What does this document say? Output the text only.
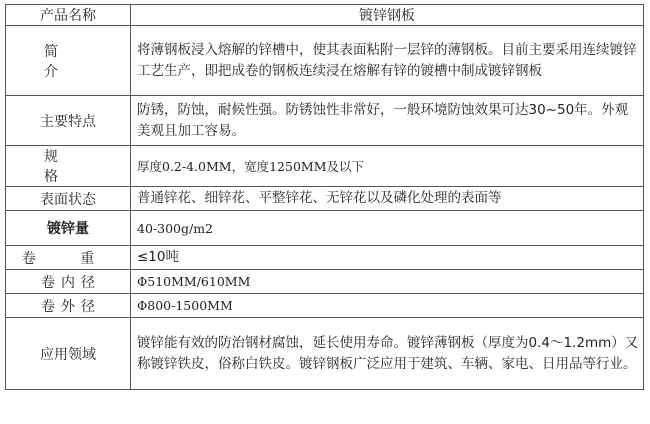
产品名称	镀锌钢板
简 介	将薄钢板浸入熔解的锌槽中，使其表面粘附一层锌的薄钢板。目前主要采用连续镀锌工艺生产，即把成卷的钢板连续浸在熔解有锌的镀槽中制成镀锌钢板
主要特点	防锈，防蚀，耐候性强。防锈蚀性非常好，一般环境防蚀效果可达30~50年。外观美观且加工容易。
规 格	厚度0.2-4.0MM，宽度1250MM及以下
表面状态	普通锌花、细锌花、平整锌花、无锌花以及磷化处理的表面等
镀锌量	40-300g/m2
卷 重	≤10吨
卷内径	Φ510MM/610MM
卷外径	Φ800-1500MM
应用领域	镀锌能有效的防治钢材腐蚀，延长使用寿命。镀锌薄钢板（厚度为0.4～1.2mm）又称镀锌铁皮，俗称白铁皮。镀锌钢板广泛应用于建筑、车辆、家电、日用品等行业。
